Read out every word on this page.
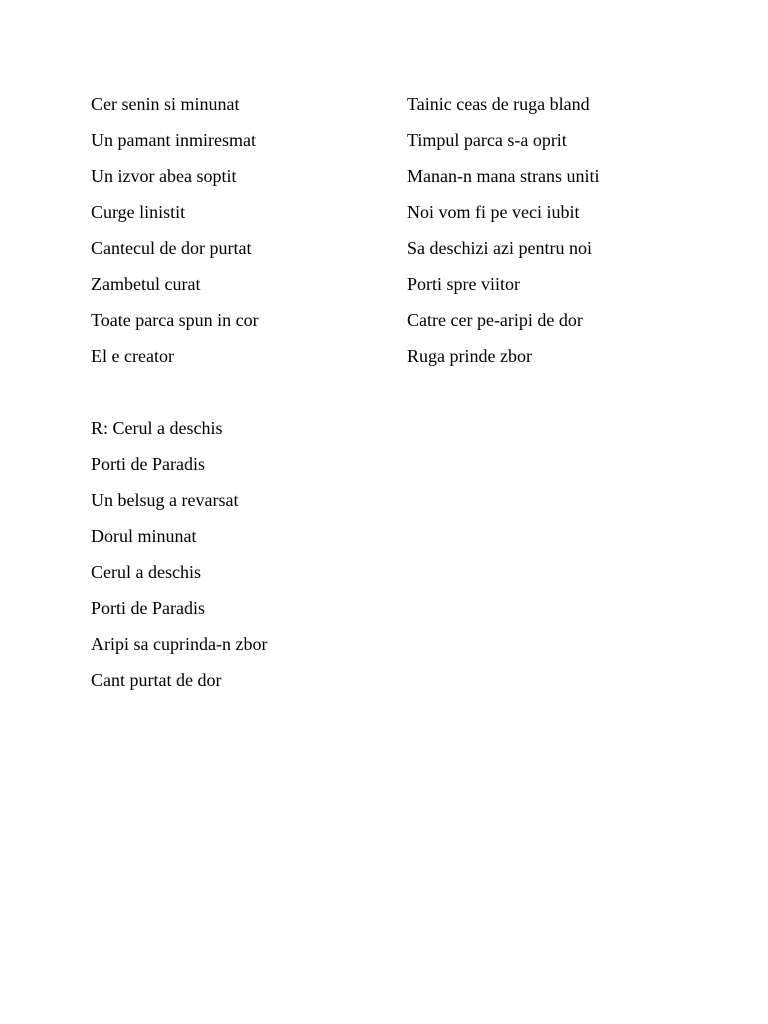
Cer senin si minunat
Un pamant inmiresmat
Un izvor abea soptit
Curge linistit
Cantecul de dor purtat
Zambetul curat
Toate parca spun in cor
El e creator
Tainic ceas de ruga bland
Timpul parca s-a oprit
Manan-n mana strans uniti
Noi vom fi pe veci iubit
Sa deschizi azi pentru noi
Porti spre viitor
Catre cer pe-aripi de dor
Ruga prinde zbor
R: Cerul a deschis
Porti de Paradis
Un belsug a revarsat
Dorul minunat
Cerul a deschis
Porti de Paradis
Aripi sa cuprinda-n zbor
Cant purtat de dor
